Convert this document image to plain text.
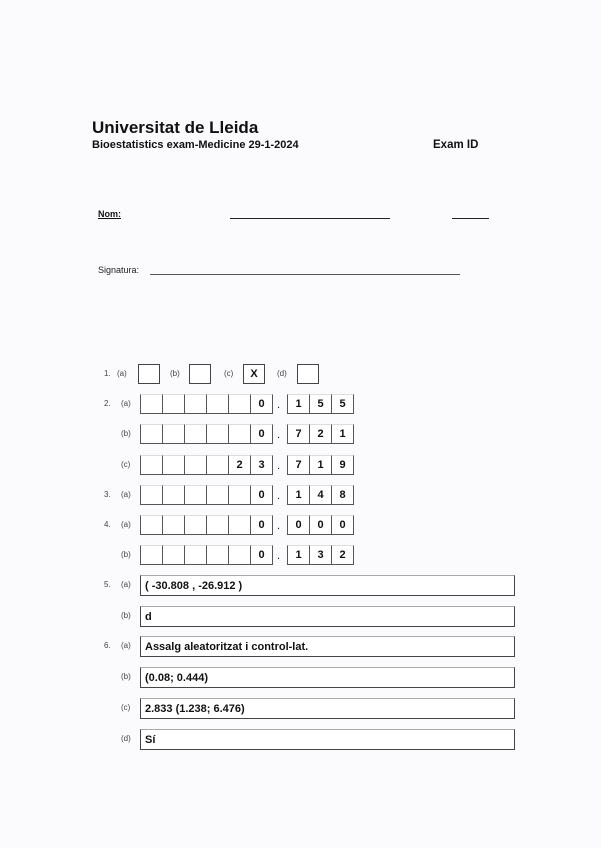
Universitat de Lleida
Bioestatistics exam-Medicine 29-1-2024	Exam ID
Nom:
Signatura:
1. (a)	(b)	(c)	X	(d)
2. (a)	0	.	1	5	5
(b)	0	.	7	2	1
(c)	2	3	.	7	1	9
3. (a)	0	.	1	4	8
4. (a)	0	.	0	0	0
(b)	0	.	1	3	2
5. (a)	( -30.808 , -26.912 )
(b)	d
6. (a)	Assalg aleatoritzat i control-lat.
(b)	(0.08; 0.444)
(c)	2.833 (1.238; 6.476)
(d)	Sí
